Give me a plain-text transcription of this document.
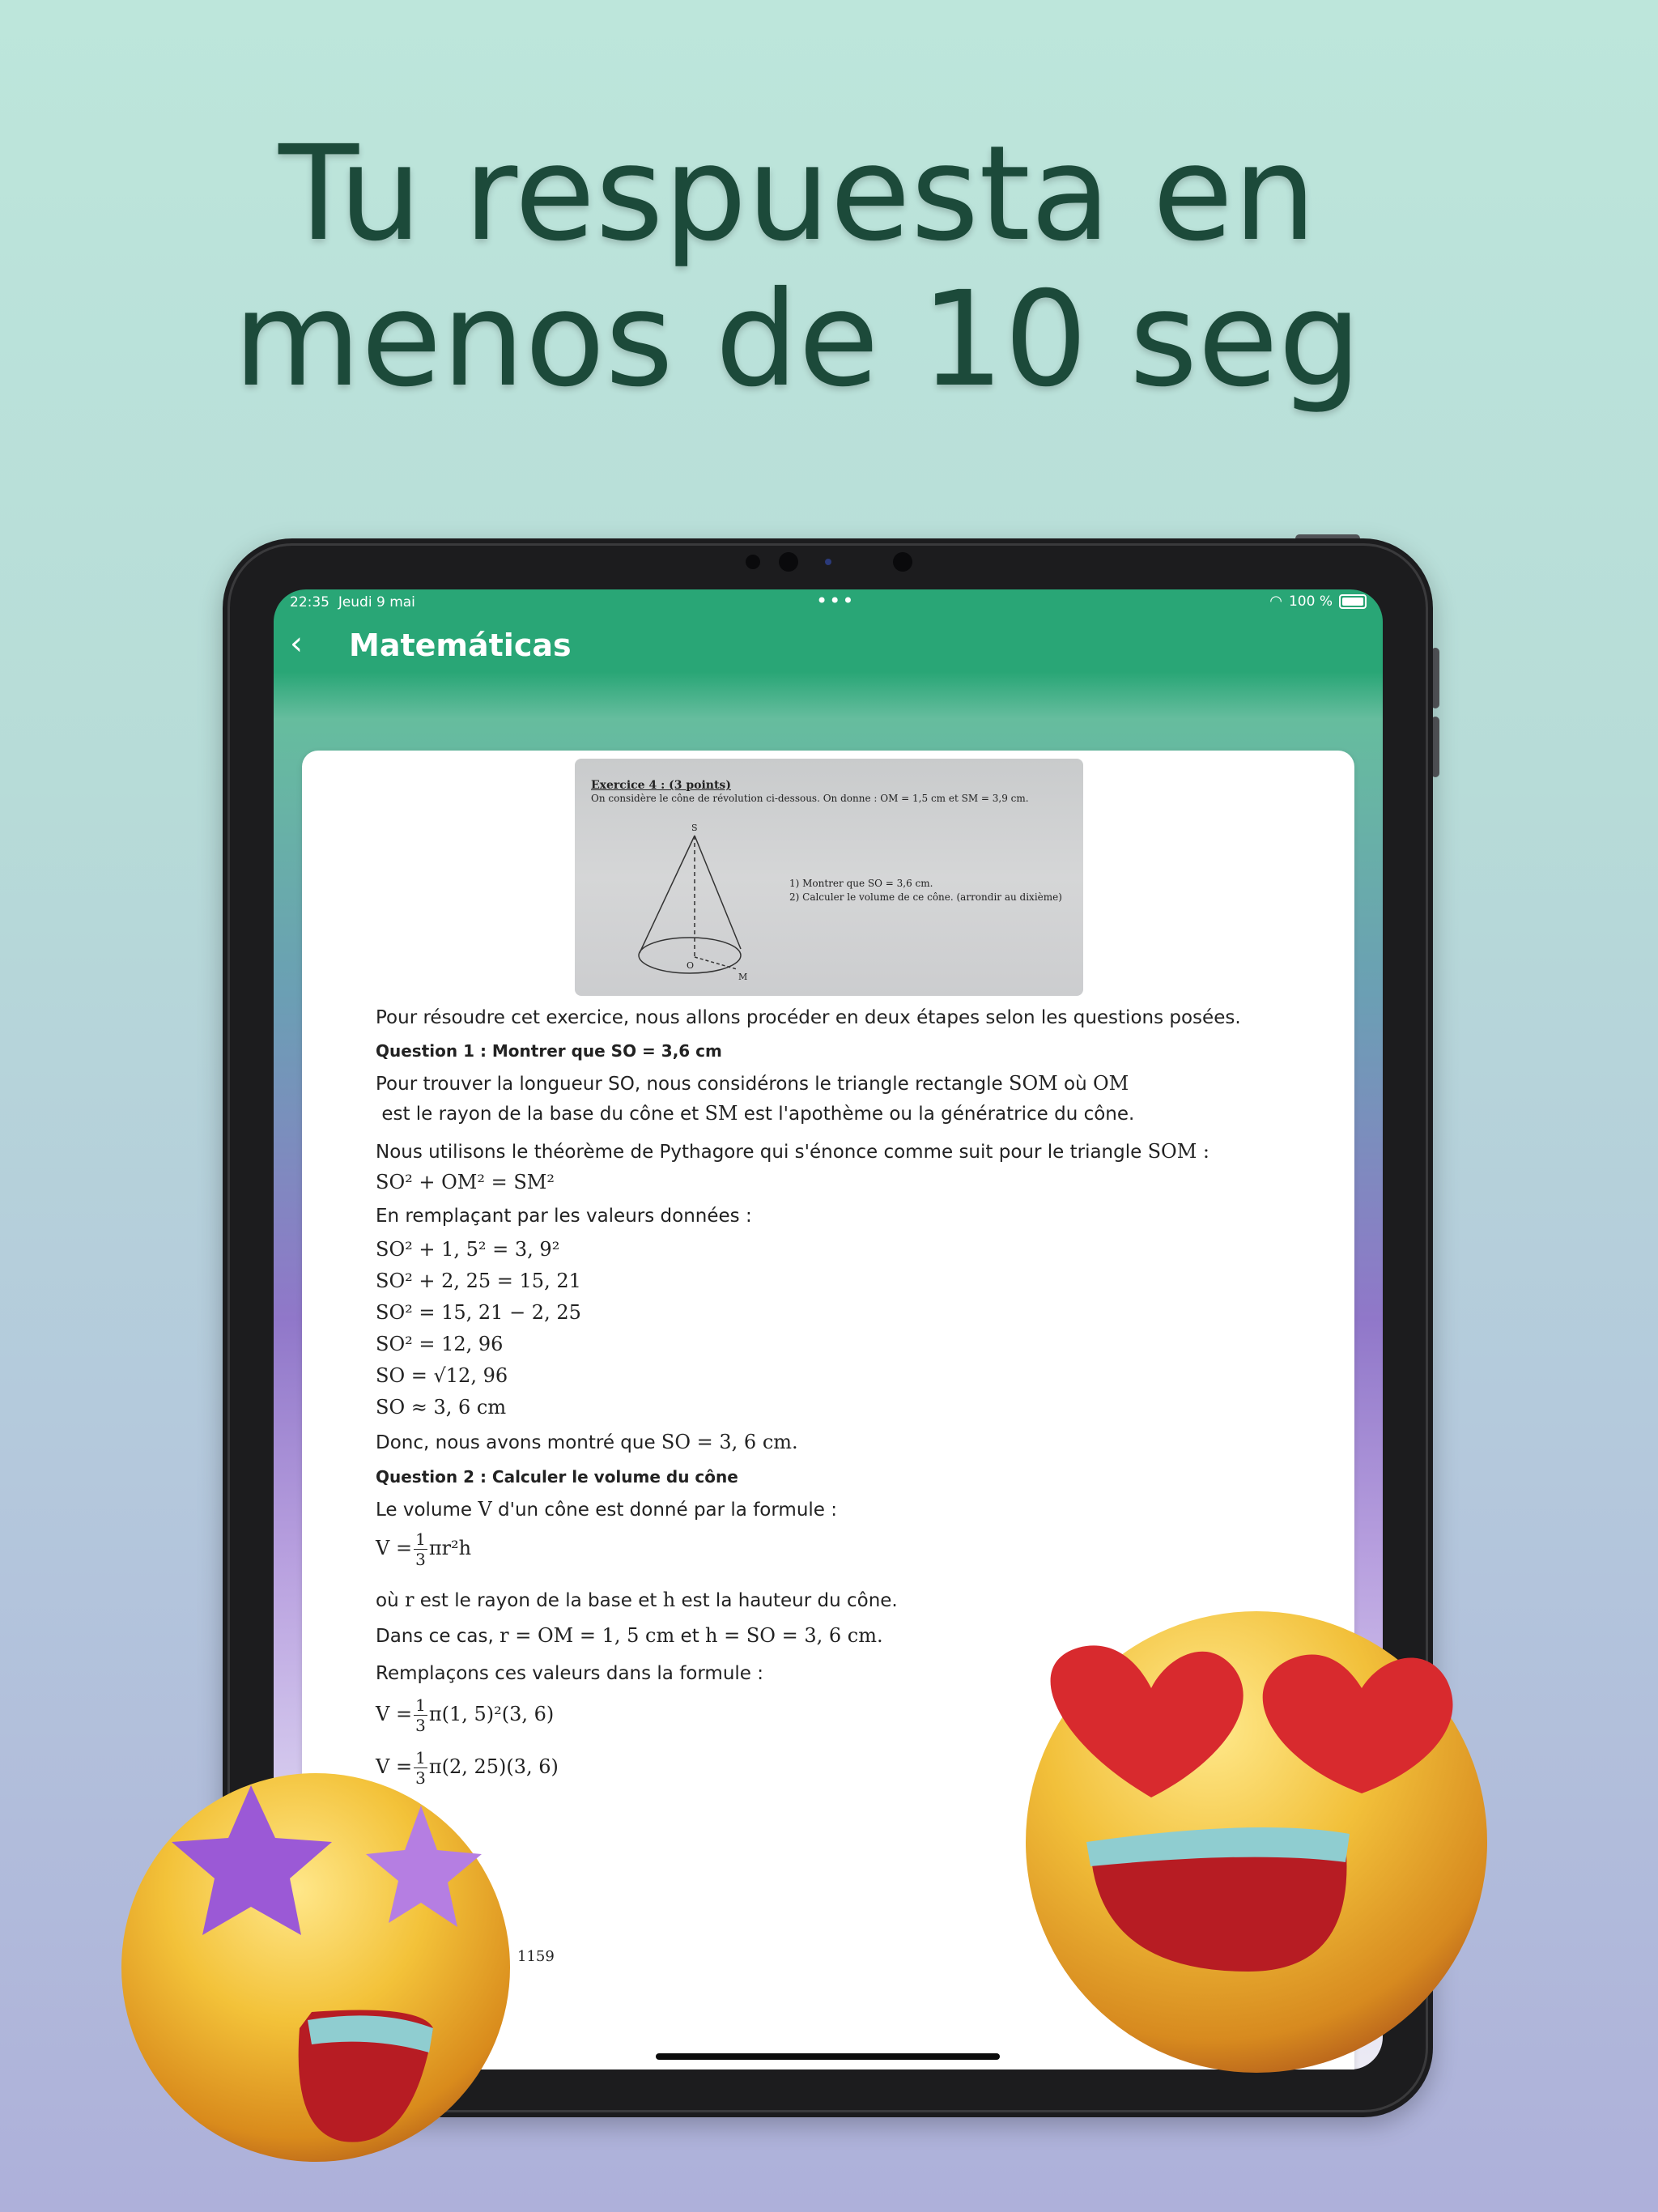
Tu respuesta en
menos de 10 seg
22:35 Jeudi 9 mai	•••	◠ 100 %
‹ Matemáticas
Exercice 4 : (3 points)
On considère le cône de révolution ci-dessous. On donne : OM = 1,5 cm et SM = 3,9 cm.
S
O
M
1) Montrer que SO = 3,6 cm.
2) Calculer le volume de ce cône. (arrondir au dixième)

Pour résoudre cet exercice, nous allons procéder en deux étapes selon les questions posées.

Question 1 : Montrer que SO = 3,6 cm

Pour trouver la longueur SO, nous considérons le triangle rectangle SOM où OM

est le rayon de la base du cône et SM est l'apothème ou la génératrice du cône.

Nous utilisons le théorème de Pythagore qui s'énonce comme suit pour le triangle SOM :

SO² + OM² = SM²

En remplaçant par les valeurs données :

SO² + 1, 5² = 3, 9²

SO² + 2, 25 = 15, 21

SO² = 15, 21 − 2, 25

SO² = 12, 96

SO = √12, 96

SO ≈ 3, 6 cm

Donc, nous avons montré que SO = 3, 6 cm.

Question 2 : Calculer le volume du cône

Le volume V d'un cône est donné par la formule :

$V = \frac{1}{3} \pi r^2h$

où r est le rayon de la base et h est la hauteur du cône.

Dans ce cas, r = OM = 1, 5 cm et h = SO = 3, 6 cm.

Remplaçons ces valeurs dans la formule :

$V = \frac{1}{3} \pi(1$, 5)²(3, 6)

$V = \frac{1}{3} \pi(2$, 25)(3, 6)

1159
